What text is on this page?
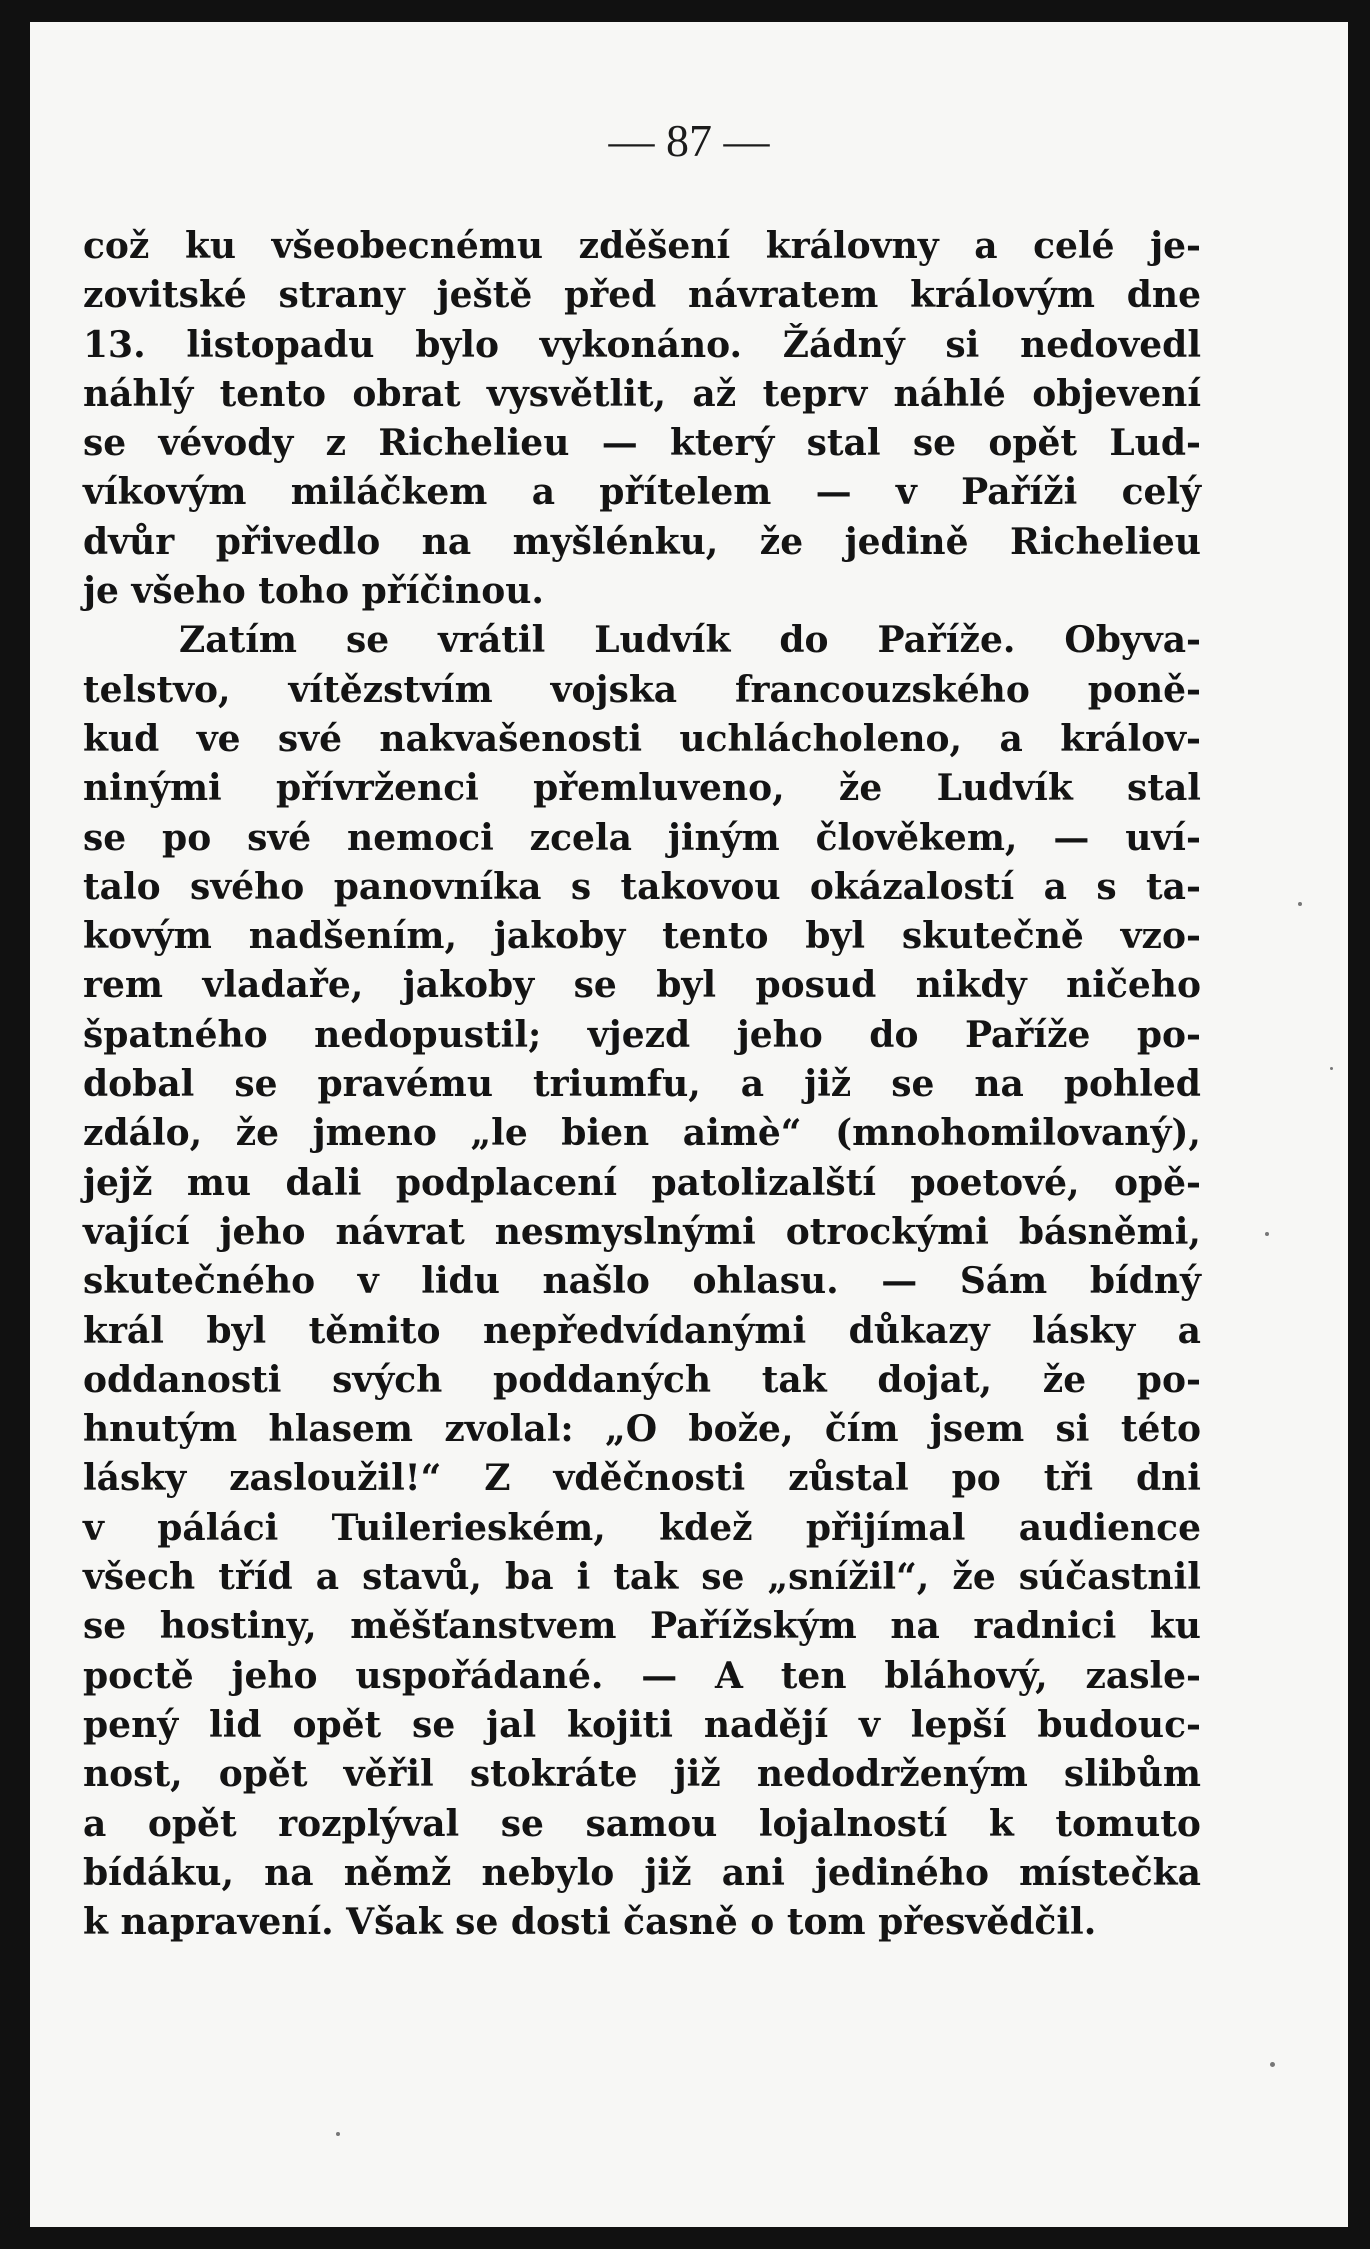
— 87 —
což ku všeobecnému zděšení královny a celé je-
zovitské strany ještě před návratem královým dne
13. listopadu bylo vykonáno. Žádný si nedovedl
náhlý tento obrat vysvětlit, až teprv náhlé objevení
se vévody z Richelieu — který stal se opět Lud-
víkovým miláčkem a přítelem — v Paříži celý
dvůr přivedlo na myšlénku, že jedině Richelieu
je všeho toho příčinou.
Zatím se vrátil Ludvík do Paříže. Obyva-
telstvo, vítězstvím vojska francouzského poně-
kud ve své nakvašenosti uchlácholeno, a králov-
ninými přívrženci přemluveno, že Ludvík stal
se po své nemoci zcela jiným člověkem, — uví-
talo svého panovníka s takovou okázalostí a s ta-
kovým nadšením, jakoby tento byl skutečně vzo-
rem vladaře, jakoby se byl posud nikdy ničeho
špatného nedopustil; vjezd jeho do Paříže po-
dobal se pravému triumfu, a již se na pohled
zdálo, že jmeno „le bien aimè“ (mnohomilovaný),
jejž mu dali podplacení patolizalští poetové, opě-
vající jeho návrat nesmyslnými otrockými básněmi,
skutečného v lidu našlo ohlasu. — Sám bídný
král byl těmito nepředvídanými důkazy lásky a
oddanosti svých poddaných tak dojat, že po-
hnutým hlasem zvolal: „O bože, čím jsem si této
lásky zasloužil!“ Z vděčnosti zůstal po tři dni
v páláci Tuilerieském, kdež přijímal audience
všech tříd a stavů, ba i tak se „snížil“, že súčastnil
se hostiny, měšťanstvem Pařížským na radnici ku
poctě jeho uspořádané. — A ten bláhový, zasle-
pený lid opět se jal kojiti nadějí v lepší budouc-
nost, opět věřil stokráte již nedodrženým slibům
a opět rozplýval se samou lojalností k tomuto
bídáku, na němž nebylo již ani jediného místečka
k napravení. Však se dosti časně o tom přesvědčil.
